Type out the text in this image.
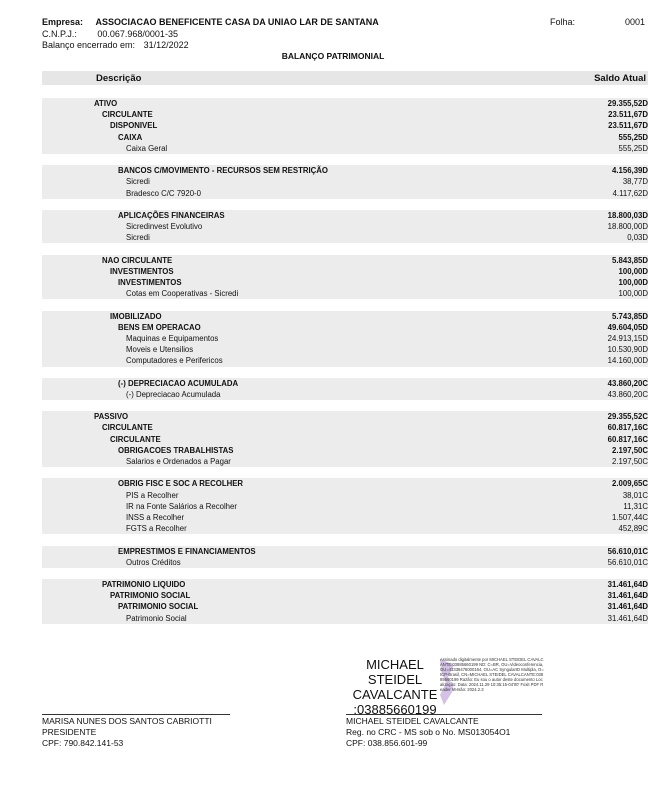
Empresa: ASSOCIACAO BENEFICENTE CASA DA UNIAO LAR DE SANTANA
C.N.P.J.: 00.067.968/0001-35
Balanço encerrado em: 31/12/2022
Folha:	0001
BALANÇO PATRIMONIAL
Descrição	Saldo Atual
ATIVO	29.355,52D
CIRCULANTE	23.511,67D
DISPONIVEL	23.511,67D
CAIXA	555,25D
Caixa Geral	555,25D
BANCOS C/MOVIMENTO - RECURSOS SEM RESTRIÇÃO	4.156,39D
Sicredi	38,77D
Bradesco C/C 7920-0	4.117,62D
APLICAÇÕES FINANCEIRAS	18.800,03D
Sicredinvest Evolutivo	18.800,00D
Sicredi	0,03D
NAO CIRCULANTE	5.843,85D
INVESTIMENTOS	100,00D
INVESTIMENTOS	100,00D
Cotas em Cooperativas - Sicredi	100,00D
IMOBILIZADO	5.743,85D
BENS EM OPERACAO	49.604,05D
Maquinas e Equipamentos	24.913,15D
Moveis e Utensilios	10.530,90D
Computadores e Perifericos	14.160,00D
(-) DEPRECIACAO ACUMULADA	43.860,20C
(-) Depreciacao Acumulada	43.860,20C
PASSIVO	29.355,52C
CIRCULANTE	60.817,16C
CIRCULANTE	60.817,16C
OBRIGACOES TRABALHISTAS	2.197,50C
Salarios e Ordenados a Pagar	2.197,50C
OBRIG FISC E SOC A RECOLHER	2.009,65C
PIS a Recolher	38,01C
IR na Fonte Salários a Recolher	11,31C
INSS a Recolher	1.507,44C
FGTS a Recolher	452,89C
EMPRESTIMOS E FINANCIAMENTOS	56.610,01C
Outros Créditos	56.610,01C
PATRIMONIO LIQUIDO	31.461,64D
PATRIMONIO SOCIAL	31.461,64D
PATRIMONIO SOCIAL	31.461,64D
Patrimonio Social	31.461,64D
MICHAEL
STEIDEL
CAVALCANTE
:03885660199
Assinado digitalmente por MICHAEL STEIDEL CAVALCANTE:03885660199 ND: C=BR, OU=Videoconferencia, OU=43338476000164, OU=AC SyngularID Multipla, O=ICP-Brasil, CN=MICHAEL STEIDEL CAVALCANTE:03885660199 Razão: Eu sou o autor deste documento Localização: Data: 2024.11.29 10:35:15-04'00' Foxit PDF Reader Versão: 2024.2.3
MARISA NUNES DOS SANTOS CABRIOTTI
PRESIDENTE
CPF: 790.842.141-53
MICHAEL STEIDEL CAVALCANTE
Reg. no CRC - MS sob o No. MS013054O1
CPF: 038.856.601-99
